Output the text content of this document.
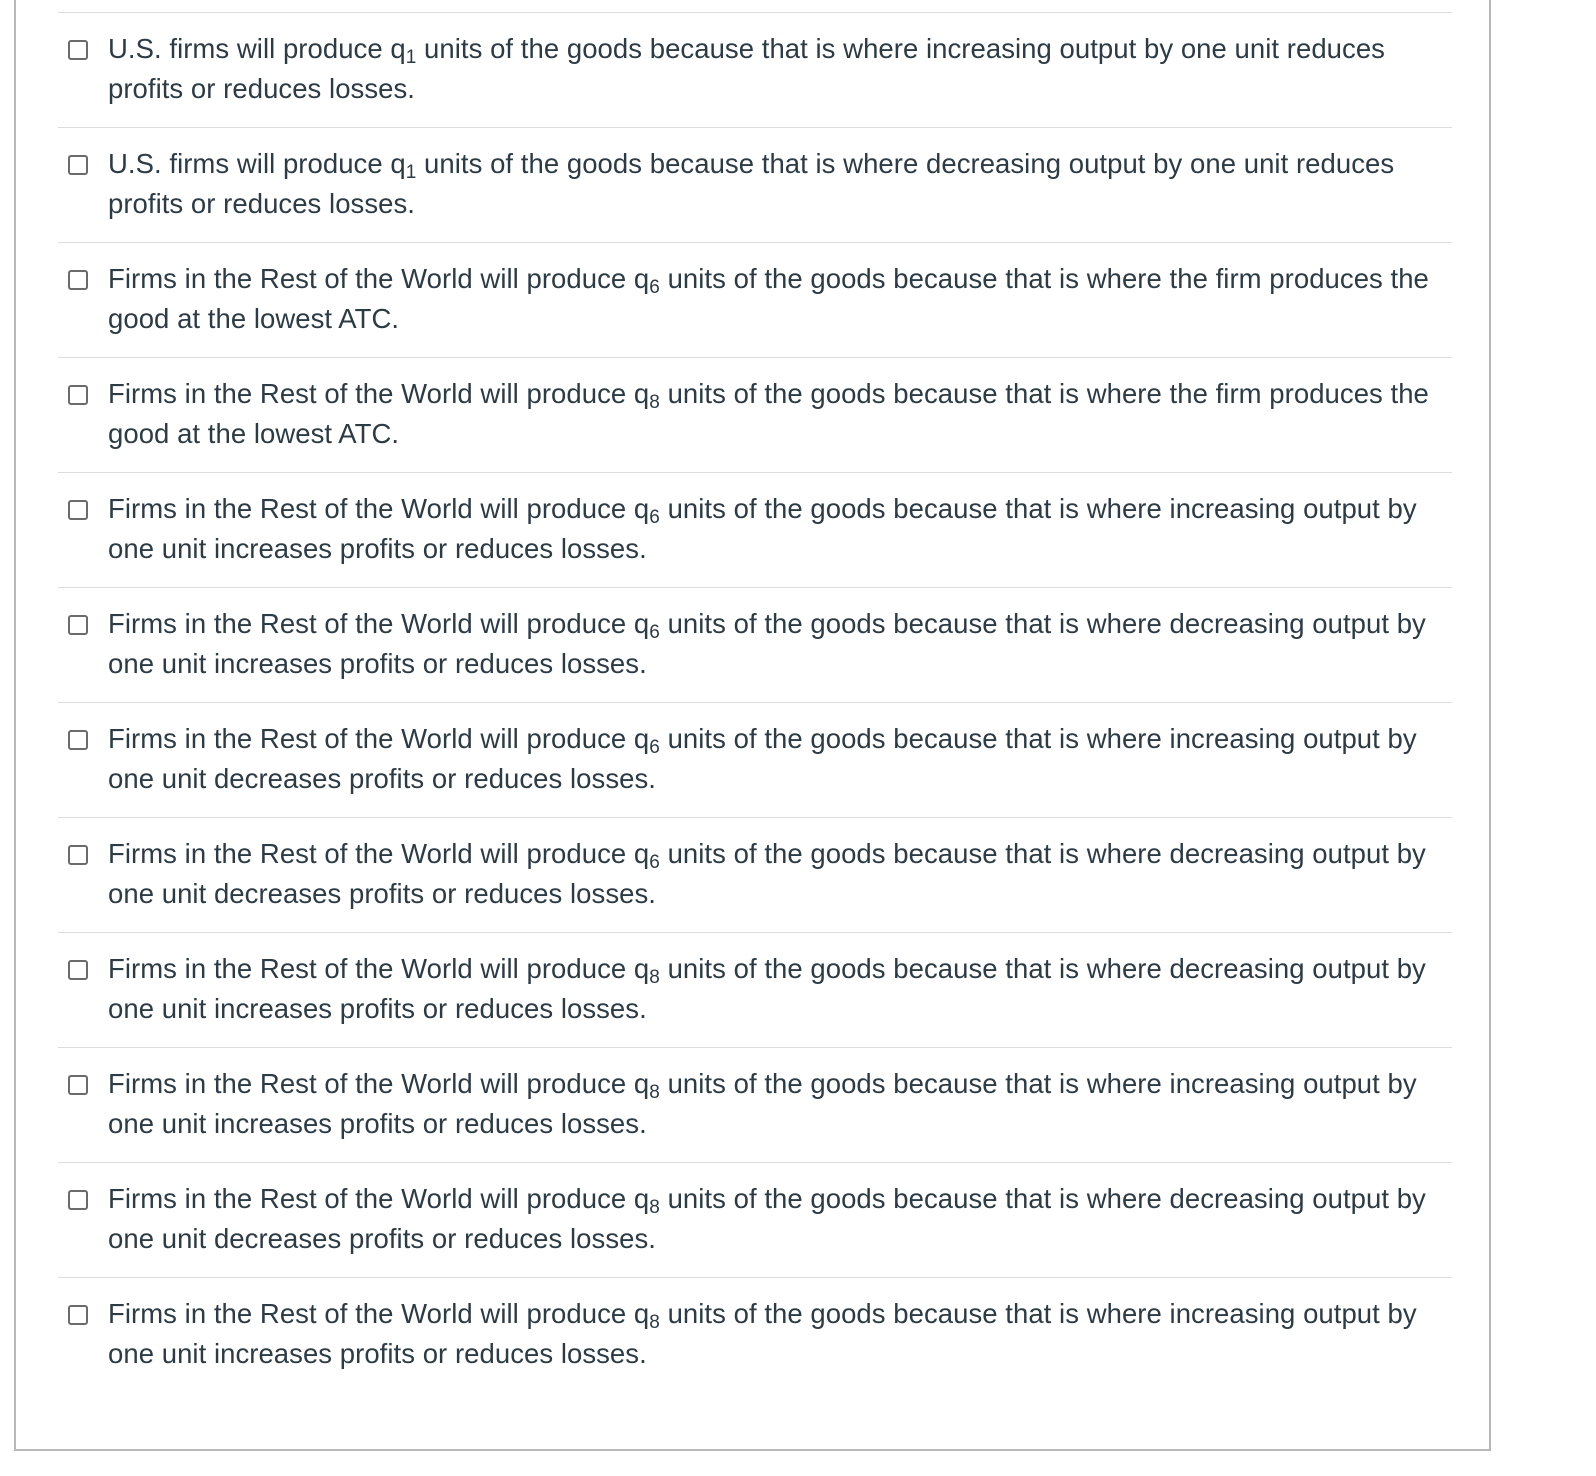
U.S. firms will produce $q_1$ units of the goods because that is where increasing output by one unit reduces profits or reduces losses.
U.S. firms will produce $q_1$ units of the goods because that is where decreasing output by one unit reduces profits or reduces losses.
Firms in the Rest of the World will produce $q_6$ units of the goods because that is where the firm produces the good at the lowest ATC.
Firms in the Rest of the World will produce $q_8$ units of the goods because that is where the firm produces the good at the lowest ATC.
Firms in the Rest of the World will produce $q_6$ units of the goods because that is where increasing output by one unit increases profits or reduces losses.
Firms in the Rest of the World will produce $q_6$ units of the goods because that is where decreasing output by one unit increases profits or reduces losses.
Firms in the Rest of the World will produce $q_6$ units of the goods because that is where increasing output by one unit decreases profits or reduces losses.
Firms in the Rest of the World will produce $q_6$ units of the goods because that is where decreasing output by one unit decreases profits or reduces losses.
Firms in the Rest of the World will produce $q_8$ units of the goods because that is where decreasing output by one unit increases profits or reduces losses.
Firms in the Rest of the World will produce $q_8$ units of the goods because that is where increasing output by one unit increases profits or reduces losses.
Firms in the Rest of the World will produce $q_8$ units of the goods because that is where decreasing output by one unit decreases profits or reduces losses.
Firms in the Rest of the World will produce $q_8$ units of the goods because that is where increasing output by one unit increases profits or reduces losses.
